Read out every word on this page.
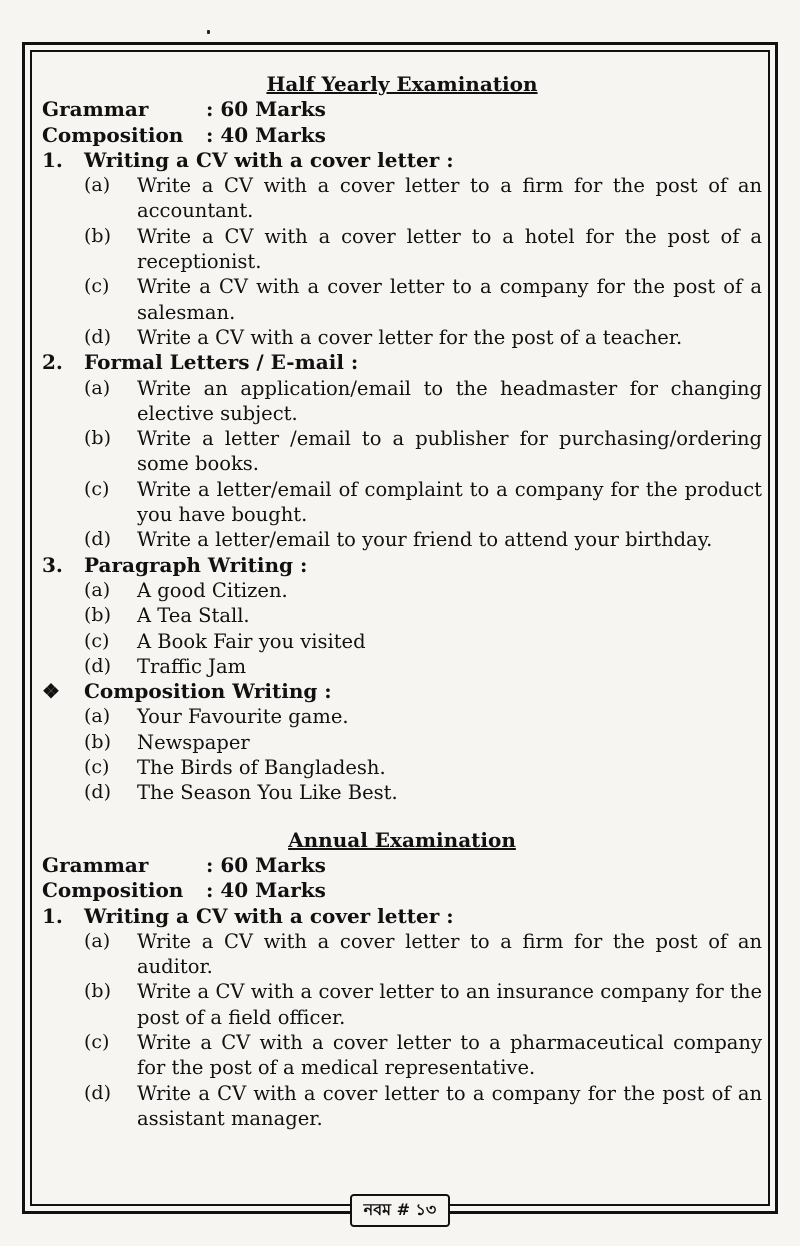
Half Yearly Examination
Grammar	: 60 Marks
Composition : 40 Marks
1. Writing a CV with a cover letter :
(a)	Write a CV with a cover letter to a firm for the post of an accountant.
(b)	Write a CV with a cover letter to a hotel for the post of a receptionist.
(c)	Write a CV with a cover letter to a company for the post of a salesman.
(d)	Write a CV with a cover letter for the post of a teacher.
2. Formal Letters / E-mail :
(a)	Write an application/email to the headmaster for changing elective subject.
(b)	Write a letter /email to a publisher for purchasing/ordering some books.
(c)	Write a letter/email of complaint to a company for the product you have bought.
(d)	Write a letter/email to your friend to attend your birthday.
3. Paragraph Writing :
(a)	A good Citizen.
(b)	A Tea Stall.
(c)	A Book Fair you visited
(d)	Traffic Jam
❖ Composition Writing :
(a)	Your Favourite game.
(b)	Newspaper
(c)	The Birds of Bangladesh.
(d)	The Season You Like Best.
Annual Examination
Grammar	: 60 Marks
Composition : 40 Marks
1. Writing a CV with a cover letter :
(a)	Write a CV with a cover letter to a firm for the post of an auditor.
(b)	Write a CV with a cover letter to an insurance company for the post of a field officer.
(c)	Write a CV with a cover letter to a pharmaceutical company for the post of a medical representative.
(d)	Write a CV with a cover letter to a company for the post of an assistant manager.
নবম # ১৩
